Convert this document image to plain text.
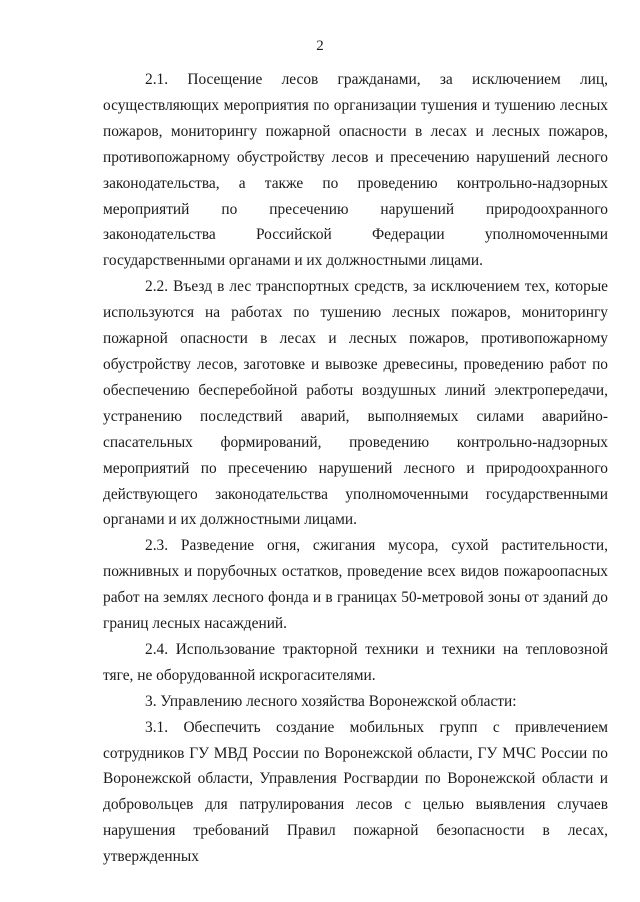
2

2.1. Посещение лесов гражданами, за исключением лиц, осуществляющих мероприятия по организации тушения и тушению лесных пожаров, мониторингу пожарной опасности в лесах и лесных пожаров, противопожарному обустройству лесов и пресечению нарушений лесного законодательства, а также по проведению контрольно-надзорных мероприятий по пресечению нарушений природоохранного законодательства Российской Федерации уполномоченными государственными органами и их должностными лицами.

2.2. Въезд в лес транспортных средств, за исключением тех, которые используются на работах по тушению лесных пожаров, мониторингу пожарной опасности в лесах и лесных пожаров, противопожарному обустройству лесов, заготовке и вывозке древесины, проведению работ по обеспечению бесперебойной работы воздушных линий электропередачи, устранению последствий аварий, выполняемых силами аварийно-спасательных формирований, проведению контрольно-надзорных мероприятий по пресечению нарушений лесного и природоохранного действующего законодательства уполномоченными государственными органами и их должностными лицами.

2.3. Разведение огня, сжигания мусора, сухой растительности, пожнивных и порубочных остатков, проведение всех видов пожароопасных работ на землях лесного фонда и в границах 50-метровой зоны от зданий до границ лесных насаждений.

2.4. Использование тракторной техники и техники на тепловозной тяге, не оборудованной искрогасителями.

3. Управлению лесного хозяйства Воронежской области:

3.1. Обеспечить создание мобильных групп с привлечением сотрудников ГУ МВД России по Воронежской области, ГУ МЧС России по Воронежской области, Управления Росгвардии по Воронежской области и добровольцев для патрулирования лесов с целью выявления случаев нарушения требований Правил пожарной безопасности в лесах, утвержденных
